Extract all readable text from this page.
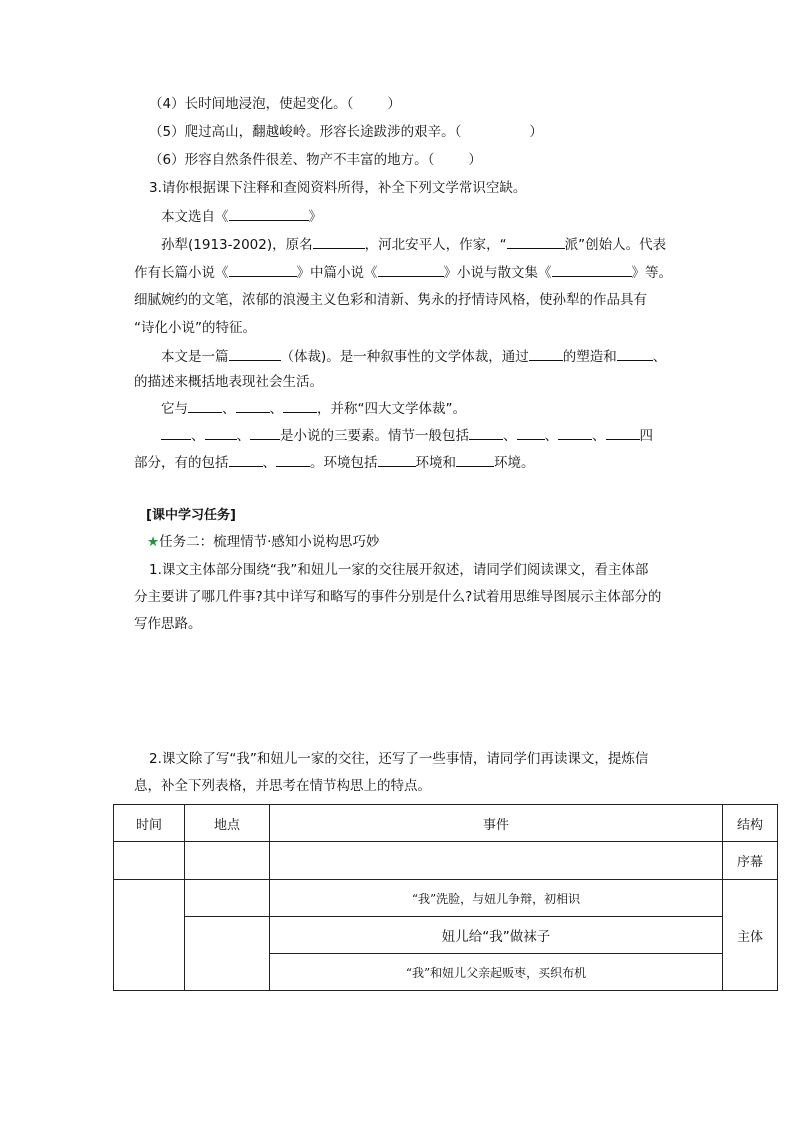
（4）长时间地浸泡，使起变化。（	）
（5）爬过高山，翻越峻岭。形容长途跋涉的艰辛。（	）
（6）形容自然条件很差、物产不丰富的地方。（	）
3.请你根据课下注释和查阅资料所得，补全下列文学常识空缺。
本文选自《	》
孙犁(1913-2002)，原名	，河北安平人，作家，“	派”创始人。代表
作有长篇小说《	》中篇小说《	》小说与散文集《	》等。
细腻婉约的文笔，浓郁的浪漫主义色彩和清新、隽永的抒情诗风格，使孙犁的作品具有
“诗化小说”的特征。
本文是一篇	（体裁)。是一种叙事性的文学体裁，通过	的塑造和	、
的描述来概括地表现社会生活。
它与	、	、	，并称“四大文学体裁”。
、 、 是小说的三要素。情节一般包括	、 、	、	四
部分，有的包括	、	。环境包括	环境和	环境。
[课中学习任务]
★任务二：梳理情节·感知小说构思巧妙
1.课文主体部分围绕“我”和妞儿一家的交往展开叙述，请同学们阅读课文，看主体部
分主要讲了哪几件事?其中详写和略写的事件分别是什么?试着用思维导图展示主体部分的
写作思路。
2.课文除了写“我”和妞儿一家的交往，还写了一些事情，请同学们再读课文，提炼信
息，补全下列表格，并思考在情节构思上的特点。
时间	地点	事件	结构
			序幕
		“我”洗脸，与妞儿争辩，初相识	主体
		妞儿给“我”做袜子	
		“我”和妞儿父亲起贩枣，买织布机	
